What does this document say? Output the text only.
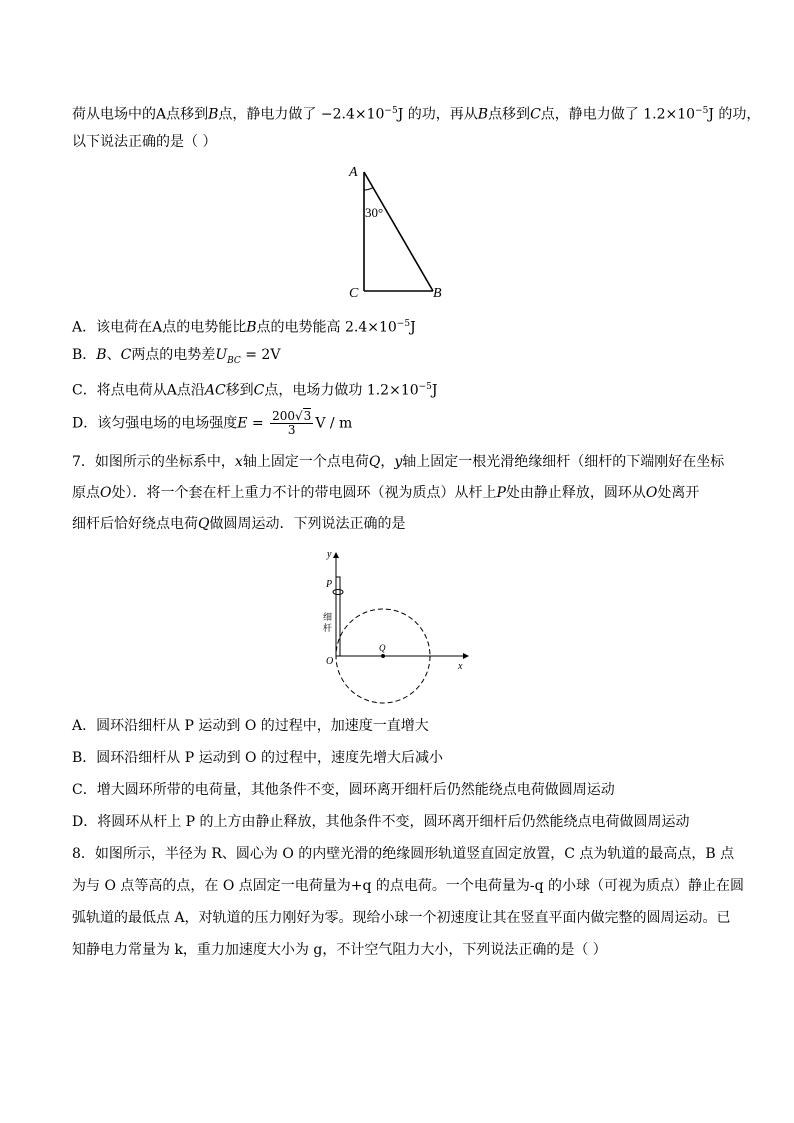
荷从电场中的A点移到B点，静电力做了 $-2.4\times 10^{-5}J$ 的功，再从B点移到C点，静电力做了 $1.2\times 10^{-5}J$ 的功，
以下说法正确的是（ ）
A
C	B
30°
A．该电荷在A点的电势能比B点的电势能高 $2.4\times 10^{-5}J$
B．B、C两点的电势差$U_{BC} = 2V$
C．将点电荷从A点沿AC移到C点，电场力做功 $1.2\times 10^{-5}J$
D．该匀强电场的电场强度$E = \frac{200√3}{3}$ V / m
7．如图所示的坐标系中，x轴上固定一个点电荷Q，y轴上固定一根光滑绝缘细杆（细杆的下端刚好在坐标
原点O处）．将一个套在杆上重力不计的带电圆环（视为质点）从杆上P处由静止释放，圆环从O处离开
细杆后恰好绕点电荷Q做圆周运动．下列说法正确的是
y
x
O
P
Q
细
杆
A．圆环沿细杆从 P 运动到 O 的过程中，加速度一直增大
B．圆环沿细杆从 P 运动到 O 的过程中，速度先增大后减小
C．增大圆环所带的电荷量，其他条件不变，圆环离开细杆后仍然能绕点电荷做圆周运动
D．将圆环从杆上 P 的上方由静止释放，其他条件不变，圆环离开细杆后仍然能绕点电荷做圆周运动
8．如图所示，半径为 R、圆心为 O 的内壁光滑的绝缘圆形轨道竖直固定放置，C 点为轨道的最高点，B 点
为与 O 点等高的点，在 O 点固定一电荷量为+q 的点电荷。一个电荷量为-q 的小球（可视为质点）静止在圆
弧轨道的最低点 A，对轨道的压力刚好为零。现给小球一个初速度让其在竖直平面内做完整的圆周运动。已
知静电力常量为 k，重力加速度大小为 g，不计空气阻力大小，下列说法正确的是（ ）
